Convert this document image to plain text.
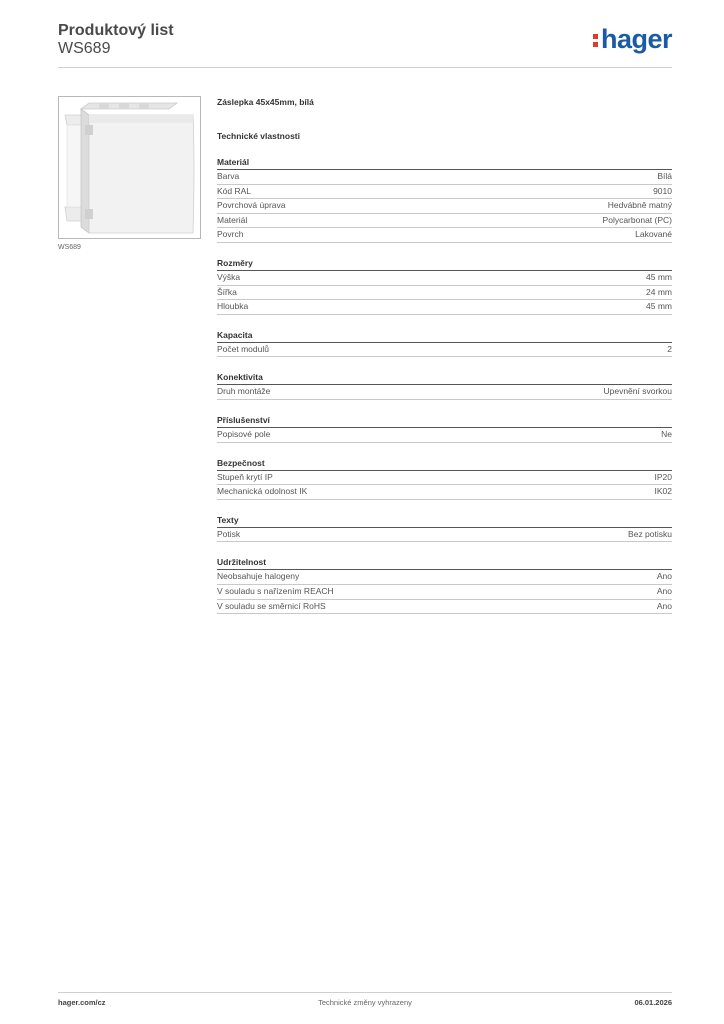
Produktový list
WS689	hager
WS689
Záslepka 45x45mm, bílá
Technické vlastnosti
Materiál
Barva	Bílá
Kód RAL	9010
Povrchová úprava	Hedvábně matný
Materiál	Polycarbonat (PC)
Povrch	Lakované
Rozměry
Výška	45 mm
Šířka	24 mm
Hloubka	45 mm
Kapacita
Počet modulů	2
Konektivita
Druh montáže	Upevnění svorkou
Příslušenství
Popisové pole	Ne
Bezpečnost
Stupeň krytí IP	IP20
Mechanická odolnost IK	IK02
Texty
Potisk	Bez potisku
Udržitelnost
Neobsahuje halogeny	Ano
V souladu s nařízením REACH	Ano
V souladu se směrnicí RoHS	Ano
hager.com/cz	Technické změny vyhrazeny	06.01.2026
